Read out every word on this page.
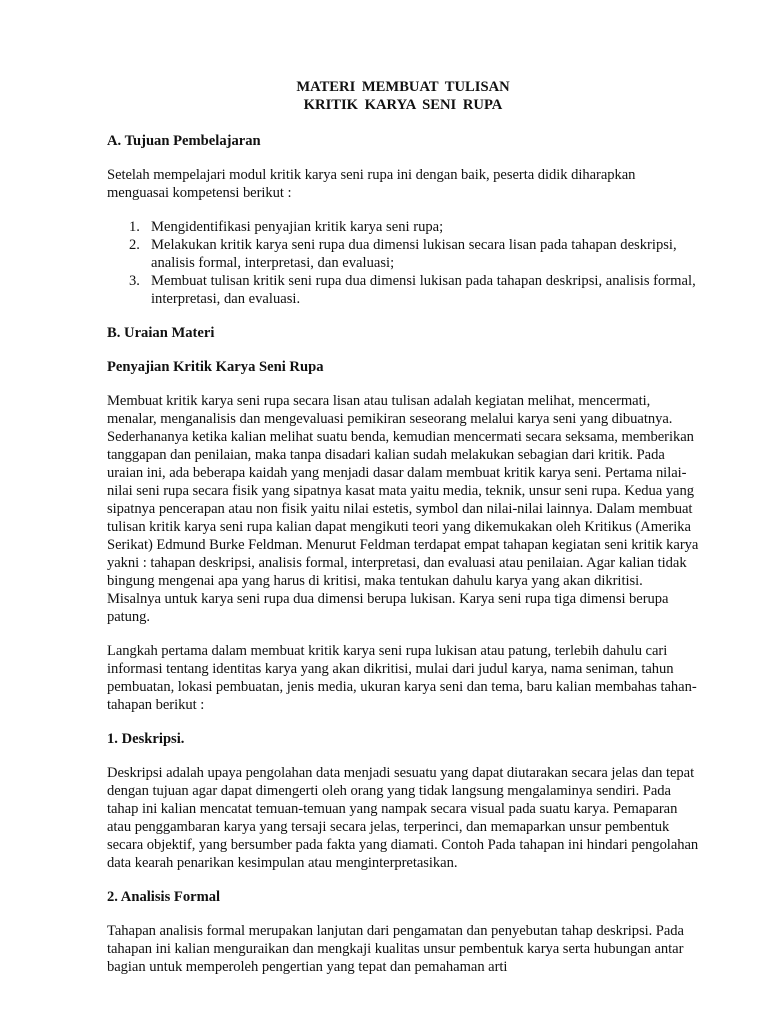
MATERI MEMBUAT TULISAN
KRITIK KARYA SENI RUPA
A. Tujuan Pembelajaran

Setelah mempelajari modul kritik karya seni rupa ini dengan baik, peserta didik diharapkan menguasai kompetensi berikut :

1. Mengidentifikasi penyajian kritik karya seni rupa;
2. Melakukan kritik karya seni rupa dua dimensi lukisan secara lisan pada tahapan deskripsi, analisis formal, interpretasi, dan evaluasi;
3. Membuat tulisan kritik seni rupa dua dimensi lukisan pada tahapan deskripsi, analisis formal, interpretasi, dan evaluasi.
B. Uraian Materi
Penyajian Kritik Karya Seni Rupa

Membuat kritik karya seni rupa secara lisan atau tulisan adalah kegiatan melihat, mencermati, menalar, menganalisis dan mengevaluasi pemikiran seseorang melalui karya seni yang dibuatnya. Sederhananya ketika kalian melihat suatu benda, kemudian mencermati secara seksama, memberikan tanggapan dan penilaian, maka tanpa disadari kalian sudah melakukan sebagian dari kritik. Pada uraian ini, ada beberapa kaidah yang menjadi dasar dalam membuat kritik karya seni. Pertama nilai-nilai seni rupa secara fisik yang sipatnya kasat mata yaitu media, teknik, unsur seni rupa. Kedua yang sipatnya pencerapan atau non fisik yaitu nilai estetis, symbol dan nilai-nilai lainnya. Dalam membuat tulisan kritik karya seni rupa kalian dapat mengikuti teori yang dikemukakan oleh Kritikus (Amerika Serikat) Edmund Burke Feldman. Menurut Feldman terdapat empat tahapan kegiatan seni kritik karya yakni : tahapan deskripsi, analisis formal, interpretasi, dan evaluasi atau penilaian. Agar kalian tidak bingung mengenai apa yang harus di kritisi, maka tentukan dahulu karya yang akan dikritisi. Misalnya untuk karya seni rupa dua dimensi berupa lukisan. Karya seni rupa tiga dimensi berupa patung.

Langkah pertama dalam membuat kritik karya seni rupa lukisan atau patung, terlebih dahulu cari informasi tentang identitas karya yang akan dikritisi, mulai dari judul karya, nama seniman, tahun pembuatan, lokasi pembuatan, jenis media, ukuran karya seni dan tema, baru kalian membahas tahan-tahapan berikut :

1. Deskripsi.

Deskripsi adalah upaya pengolahan data menjadi sesuatu yang dapat diutarakan secara jelas dan tepat dengan tujuan agar dapat dimengerti oleh orang yang tidak langsung mengalaminya sendiri. Pada tahap ini kalian mencatat temuan-temuan yang nampak secara visual pada suatu karya. Pemaparan atau penggambaran karya yang tersaji secara jelas, terperinci, dan memaparkan unsur pembentuk secara objektif, yang bersumber pada fakta yang diamati. Contoh Pada tahapan ini hindari pengolahan data kearah penarikan kesimpulan atau menginterpretasikan.

2. Analisis Formal

Tahapan analisis formal merupakan lanjutan dari pengamatan dan penyebutan tahap deskripsi. Pada tahapan ini kalian menguraikan dan mengkaji kualitas unsur pembentuk karya serta hubungan antar bagian untuk memperoleh pengertian yang tepat dan pemahaman arti
